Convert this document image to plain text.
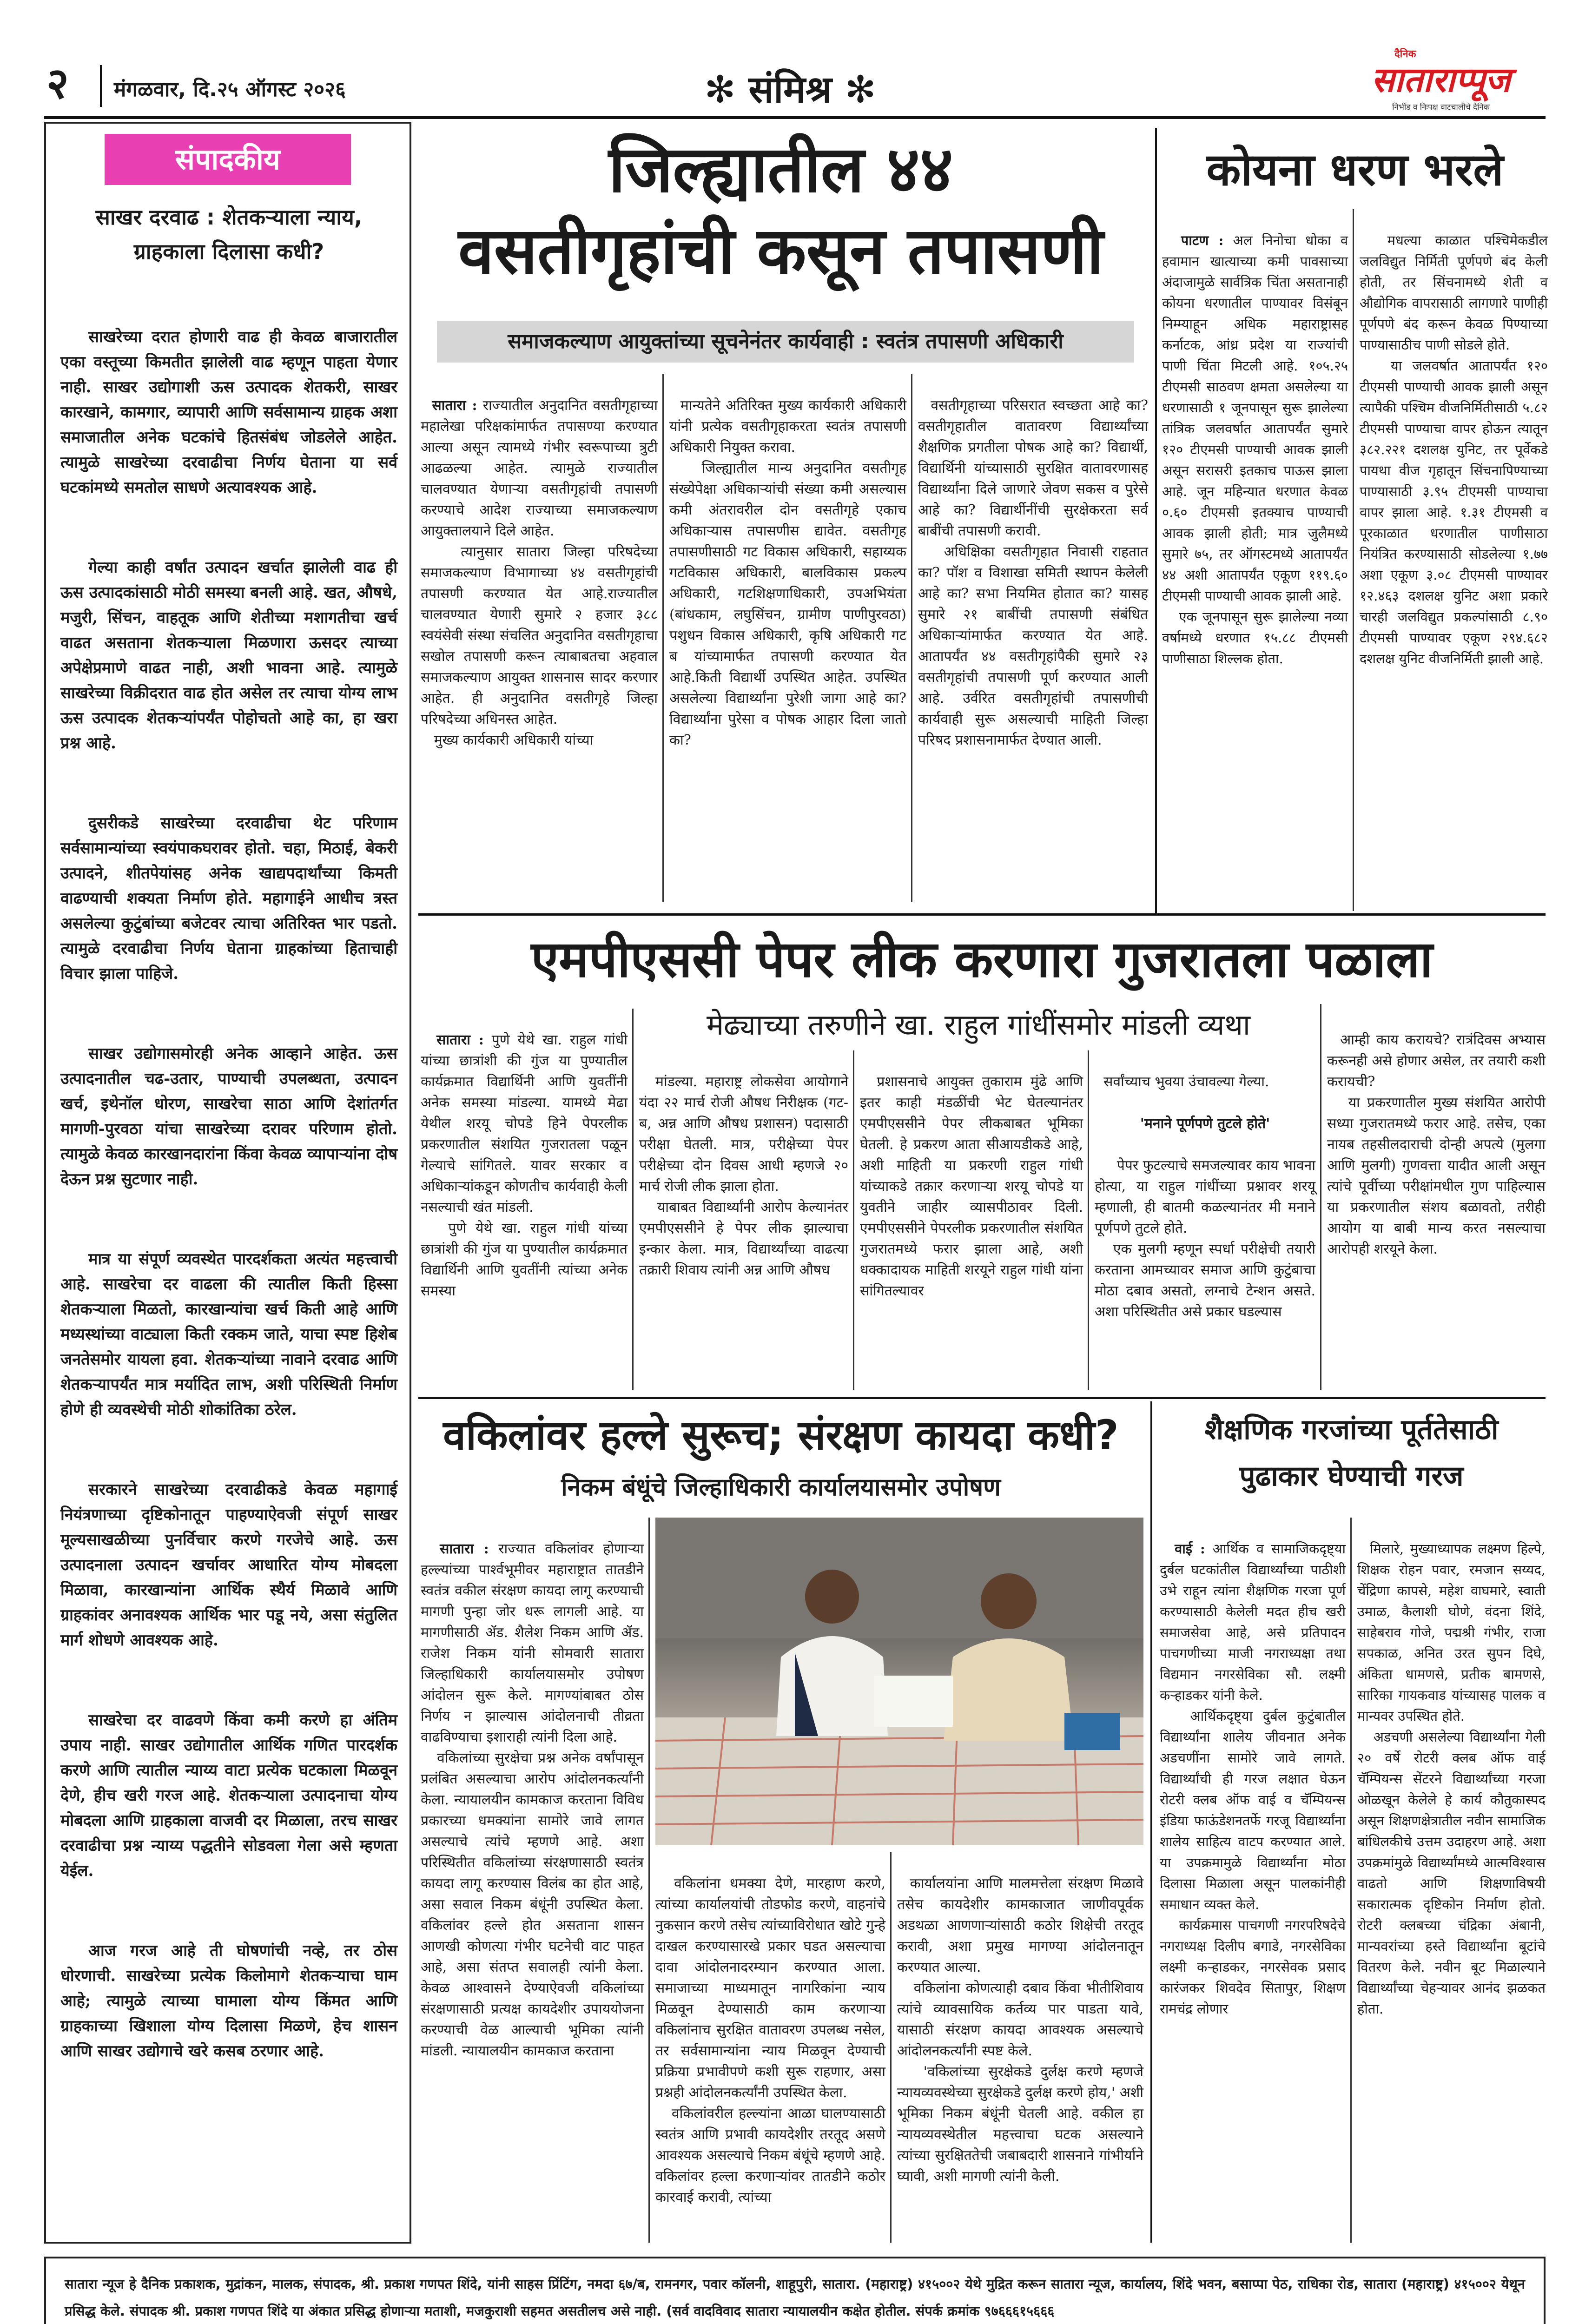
२ मंगळवार, दि.२५ ऑगस्ट २०२६	✻ संमिश्र ✻
दैनिक
साताराप्पूज
निर्भीड व निःपक्ष वाटचालीचे दैनिक
संपादकीय
साखर दरवाढ : शेतकऱ्याला न्याय, ग्राहकाला दिलासा कधी?

साखरेच्या दरात होणारी वाढ ही केवळ बाजारातील एका वस्तूच्या किमतीत झालेली वाढ म्हणून पाहता येणार नाही. साखर उद्योगाशी ऊस उत्पादक शेतकरी, साखर कारखाने, कामगार, व्यापारी आणि सर्वसामान्य ग्राहक अशा समाजातील अनेक घटकांचे हितसंबंध जोडलेले आहेत. त्यामुळे साखरेच्या दरवाढीचा निर्णय घेताना या सर्व घटकांमध्ये समतोल साधणे अत्यावश्यक आहे.

गेल्या काही वर्षांत उत्पादन खर्चात झालेली वाढ ही ऊस उत्पादकांसाठी मोठी समस्या बनली आहे. खत, औषधे, मजुरी, सिंचन, वाहतूक आणि शेतीच्या मशागतीचा खर्च वाढत असताना शेतकऱ्याला मिळणारा ऊसदर त्याच्या अपेक्षेप्रमाणे वाढत नाही, अशी भावना आहे. त्यामुळे साखरेच्या विक्रीदरात वाढ होत असेल तर त्याचा योग्य लाभ ऊस उत्पादक शेतकऱ्यांपर्यंत पोहोचतो आहे का, हा खरा प्रश्न आहे.

दुसरीकडे साखरेच्या दरवाढीचा थेट परिणाम सर्वसामान्यांच्या स्वयंपाकघरावर होतो. चहा, मिठाई, बेकरी उत्पादने, शीतपेयांसह अनेक खाद्यपदार्थांच्या किमती वाढण्याची शक्यता निर्माण होते. महागाईने आधीच त्रस्त असलेल्या कुटुंबांच्या बजेटवर त्याचा अतिरिक्त भार पडतो. त्यामुळे दरवाढीचा निर्णय घेताना ग्राहकांच्या हिताचाही विचार झाला पाहिजे.

साखर उद्योगासमोरही अनेक आव्हाने आहेत. ऊस उत्पादनातील चढ-उतार, पाण्याची उपलब्धता, उत्पादन खर्च, इथेनॉल धोरण, साखरेचा साठा आणि देशांतर्गत मागणी-पुरवठा यांचा साखरेच्या दरावर परिणाम होतो. त्यामुळे केवळ कारखानदारांना किंवा केवळ व्यापाऱ्यांना दोष देऊन प्रश्न सुटणार नाही.

मात्र या संपूर्ण व्यवस्थेत पारदर्शकता अत्यंत महत्त्वाची आहे. साखरेचा दर वाढला की त्यातील किती हिस्सा शेतकऱ्याला मिळतो, कारखान्यांचा खर्च किती आहे आणि मध्यस्थांच्या वाट्याला किती रक्कम जाते, याचा स्पष्ट हिशेब जनतेसमोर यायला हवा. शेतकऱ्यांच्या नावाने दरवाढ आणि शेतकऱ्यापर्यंत मात्र मर्यादित लाभ, अशी परिस्थिती निर्माण होणे ही व्यवस्थेची मोठी शोकांतिका ठरेल.

सरकारने साखरेच्या दरवाढीकडे केवळ महागाई नियंत्रणाच्या दृष्टिकोनातून पाहण्याऐवजी संपूर्ण साखर मूल्यसाखळीच्या पुनर्विचार करणे गरजेचे आहे. ऊस उत्पादनाला उत्पादन खर्चावर आधारित योग्य मोबदला मिळावा, कारखान्यांना आर्थिक स्थैर्य मिळावे आणि ग्राहकांवर अनावश्यक आर्थिक भार पडू नये, असा संतुलित मार्ग शोधणे आवश्यक आहे.

साखरेचा दर वाढवणे किंवा कमी करणे हा अंतिम उपाय नाही. साखर उद्योगातील आर्थिक गणित पारदर्शक करणे आणि त्यातील न्याय्य वाटा प्रत्येक घटकाला मिळवून देणे, हीच खरी गरज आहे. शेतकऱ्याला उत्पादनाचा योग्य मोबदला आणि ग्राहकाला वाजवी दर मिळाला, तरच साखर दरवाढीचा प्रश्न न्याय्य पद्धतीने सोडवला गेला असे म्हणता येईल.

आज गरज आहे ती घोषणांची नव्हे, तर ठोस धोरणाची. साखरेच्या प्रत्येक किलोमागे शेतकऱ्याचा घाम आहे; त्यामुळे त्याच्या घामाला योग्य किंमत आणि ग्राहकाच्या खिशाला योग्य दिलासा मिळणे, हेच शासन आणि साखर उद्योगाचे खरे कसब ठरणार आहे.

जिल्ह्यातील ४४
वसतीगृहांची कसून तपासणी
समाजकल्याण आयुक्तांच्या सूचनेनंतर कार्यवाही : स्वतंत्र तपासणी अधिकारी

सातारा : राज्यातील अनुदानित वसतीगृहाच्या महालेखा परिक्षकांमार्फत तपासण्या करण्यात आल्या असून त्यामध्ये गंभीर स्वरूपाच्या त्रुटी आढळल्या आहेत. त्यामुळे राज्यातील चालवण्यात येणाऱ्या वसतीगृहांची तपासणी करण्याचे आदेश राज्याच्या समाजकल्याण आयुक्तालयाने दिले आहेत.
त्यानुसार सातारा जिल्हा परिषदेच्या समाजकल्याण विभागाच्या ४४ वसतीगृहांची तपासणी करण्यात येत आहे.राज्यातील चालवण्यात येणारी सुमारे २ हजार ३८८ स्वयंसेवी संस्था संचलित अनुदानित वसतीगृहाचा सखोल तपासणी करून त्याबाबतचा अहवाल समाजकल्याण आयुक्त शासनास सादर करणार आहेत. ही अनुदानित वसतीगृहे जिल्हा परिषदेच्या अधिनस्त आहेत.
मुख्य कार्यकारी अधिकारी यांच्या

मान्यतेने अतिरिक्त मुख्य कार्यकारी अधिकारी यांनी प्रत्येक वसतीगृहाकरता स्वतंत्र तपासणी अधिकारी नियुक्त करावा.
जिल्ह्यातील मान्य अनुदानित वसतीगृह संख्येपेक्षा अधिकाऱ्यांची संख्या कमी असल्यास कमी अंतरावरील दोन वसतीगृहे एकाच अधिकाऱ्यास तपासणीस द्यावेत. वसतीगृह तपासणीसाठी गट विकास अधिकारी, सहाय्यक गटविकास अधिकारी, बालविकास प्रकल्प अधिकारी, गटशिक्षणाधिकारी, उपअभियंता (बांधकाम, लघुसिंचन, ग्रामीण पाणीपुरवठा) पशुधन विकास अधिकारी, कृषि अधिकारी गट ब यांच्यामार्फत तपासणी करण्यात येत आहे.किती विद्यार्थी उपस्थित आहेत. उपस्थित असलेल्या विद्यार्थ्यांना पुरेशी जागा आहे का? विद्यार्थ्यांना पुरेसा व पोषक आहार दिला जातो का?

वसतीगृहाच्या परिसरात स्वच्छता आहे का? वसतीगृहातील वातावरण विद्यार्थ्यांच्या शैक्षणिक प्रगतीला पोषक आहे का? विद्यार्थी, विद्यार्थिनी यांच्यासाठी सुरक्षित वातावरणासह विद्यार्थ्यांना दिले जाणारे जेवण सकस व पुरेसे आहे का? विद्यार्थीनींची सुरक्षेकरता सर्व बाबींची तपासणी करावी.
अधिक्षिका वसतीगृहात निवासी राहतात का? पॉश व विशाखा समिती स्थापन केलेली आहे का? सभा नियमित होतात का? यासह सुमारे २१ बाबींची तपासणी संबंधित अधिकाऱ्यांमार्फत करण्यात येत आहे. आतापर्यंत ४४ वसतीगृहांपैकी सुमारे २३ वसतीगृहांची तपासणी पूर्ण करण्यात आली आहे. उर्वरित वसतीगृहांची तपासणीची कार्यवाही सुरू असल्याची माहिती जिल्हा परिषद प्रशासनामार्फत देण्यात आली.

कोयना धरण भरले

पाटण : अल निनोचा धोका व हवामान खात्याच्या कमी पावसाच्या अंदाजामुळे सार्वत्रिक चिंता असतानाही कोयना धरणातील पाण्यावर विसंबून निम्म्याहून अधिक महाराष्ट्रासह कर्नाटक, आंध्र प्रदेश या राज्यांची पाणी चिंता मिटली आहे. १०५.२५ टीएमसी साठवण क्षमता असलेल्या या धरणासाठी १ जूनपासून सुरू झालेल्या तांत्रिक जलवर्षात आतापर्यंत सुमारे १२० टीएमसी पाण्याची आवक झाली असून सरासरी इतकाच पाऊस झाला आहे. जून महिन्यात धरणात केवळ ०.६० टीएमसी इतक्याच पाण्याची आवक झाली होती; मात्र जुलैमध्ये सुमारे ७५, तर ऑगस्टमध्ये आतापर्यंत ४४ अशी आतापर्यंत एकूण ११९.६० टीएमसी पाण्याची आवक झाली आहे.
एक जूनपासून सुरू झालेल्या नव्या वर्षामध्ये धरणात १५.८८ टीएमसी पाणीसाठा शिल्लक होता.

मधल्या काळात पश्चिमेकडील जलविद्युत निर्मिती पूर्णपणे बंद केली होती, तर सिंचनामध्ये शेती व औद्योगिक वापरासाठी लागणारे पाणीही पूर्णपणे बंद करून केवळ पिण्याच्या पाण्यासाठीच पाणी सोडले होते.
या जलवर्षात आतापर्यंत १२० टीएमसी पाण्याची आवक झाली असून त्यापैकी पश्चिम वीजनिर्मितीसाठी ५.८२ टीएमसी पाण्याचा वापर होऊन त्यातून ३८२.२२१ दशलक्ष युनिट, तर पूर्वेकडे पायथा वीज गृहातून सिंचनापिण्याच्या पाण्यासाठी ३.९५ टीएमसी पाण्याचा वापर झाला आहे. १.३१ टीएमसी व पूरकाळात धरणातील पाणीसाठा नियंत्रित करण्यासाठी सोडलेल्या १.७७ अशा एकूण ३.०८ टीएमसी पाण्यावर १२.४६३ दशलक्ष युनिट अशा प्रकारे चारही जलविद्युत प्रकल्पांसाठी ८.९० टीएमसी पाण्यावर एकूण २९४.६८२ दशलक्ष युनिट वीजनिर्मिती झाली आहे.

एमपीएससी पेपर लीक करणारा गुजरातला पळाला

सातारा : पुणे येथे खा. राहुल गांधी यांच्या छात्रांशी की गुंज या पुण्यातील कार्यक्रमात विद्यार्थिनी आणि युवतींनी अनेक समस्या मांडल्या. यामध्ये मेढा येथील शरयू चोपडे हिने पेपरलीक प्रकरणातील संशयित गुजरातला पळून गेल्याचे सांगितले. यावर सरकार व अधिकाऱ्यांकडून कोणतीच कार्यवाही केली नसल्याची खंत मांडली.
पुणे येथे खा. राहुल गांधी यांच्या छात्रांशी की गुंज या पुण्यातील कार्यक्रमात विद्यार्थिनी आणि युवतींनी त्यांच्या अनेक समस्या

मेढ्याच्या तरुणीने खा. राहुल गांधींसमोर मांडली व्यथा

मांडल्या. महाराष्ट्र लोकसेवा आयोगाने यंदा २२ मार्च रोजी औषध निरीक्षक (गट-ब, अन्न आणि औषध प्रशासन) पदासाठी परीक्षा घेतली. मात्र, परीक्षेच्या पेपर परीक्षेच्या दोन दिवस आधी म्हणजे २० मार्च रोजी लीक झाला होता.
याबाबत विद्यार्थ्यांनी आरोप केल्यानंतर एमपीएससीने हे पेपर लीक झाल्याचा इन्कार केला. मात्र, विद्यार्थ्यांच्या वाढत्या तक्रारी शिवाय त्यांनी अन्न आणि औषध

प्रशासनाचे आयुक्त तुकाराम मुंढे आणि इतर काही मंडळींची भेट घेतल्यानंतर एमपीएससीने पेपर लीकबाबत भूमिका घेतली. हे प्रकरण आता सीआयडीकडे आहे, अशी माहिती या प्रकरणी राहुल गांधी यांच्याकडे तक्रार करणाऱ्या शरयू चोपडे या युवतीने जाहीर व्यासपीठावर दिली. एमपीएससीने पेपरलीक प्रकरणातील संशयित गुजरातमध्ये फरार झाला आहे, अशी धक्कादायक माहिती शरयूने राहुल गांधी यांना सांगितल्यावर

सर्वांच्याच भुवया उंचावल्या गेल्या.

'मनाने पूर्णपणे तुटले होते'

पेपर फुटल्याचे समजल्यावर काय भावना होत्या, या राहुल गांधींच्या प्रश्नावर शरयू म्हणाली, ही बातमी कळल्यानंतर मी मनाने पूर्णपणे तुटले होते.
एक मुलगी म्हणून स्पर्धा परीक्षेची तयारी करताना आमच्यावर समाज आणि कुटुंबाचा मोठा दबाव असतो, लग्नाचे टेन्शन असते. अशा परिस्थितीत असे प्रकार घडल्यास

आम्ही काय करायचे? रात्रंदिवस अभ्यास करूनही असे होणार असेल, तर तयारी कशी करायची?
या प्रकरणातील मुख्य संशयित आरोपी सध्या गुजरातमध्ये फरार आहे. तसेच, एका नायब तहसीलदाराची दोन्ही अपत्ये (मुलगा आणि मुलगी) गुणवत्ता यादीत आली असून त्यांचे पूर्वीच्या परीक्षांमधील गुण पाहिल्यास या प्रकरणातील संशय बळावतो, तरीही आयोग या बाबी मान्य करत नसल्याचा आरोपही शरयूने केला.

वकिलांवर हल्ले सुरूच; संरक्षण कायदा कधी?
निकम बंधूंचे जिल्हाधिकारी कार्यालयासमोर उपोषण

सातारा : राज्यात वकिलांवर होणाऱ्या हल्ल्यांच्या पार्श्वभूमीवर महाराष्ट्रात तातडीने स्वतंत्र वकील संरक्षण कायदा लागू करण्याची मागणी पुन्हा जोर धरू लागली आहे. या मागणीसाठी ॲड. शैलेश निकम आणि ॲड. राजेश निकम यांनी सोमवारी सातारा जिल्हाधिकारी कार्यालयासमोर उपोषण आंदोलन सुरू केले. मागण्यांबाबत ठोस निर्णय न झाल्यास आंदोलनाची तीव्रता वाढविण्याचा इशाराही त्यांनी दिला आहे.
वकिलांच्या सुरक्षेचा प्रश्न अनेक वर्षांपासून प्रलंबित असल्याचा आरोप आंदोलनकर्त्यांनी केला. न्यायालयीन कामकाज करताना विविध प्रकारच्या धमक्यांना सामोरे जावे लागत असल्याचे त्यांचे म्हणणे आहे. अशा परिस्थितीत वकिलांच्या संरक्षणासाठी स्वतंत्र कायदा लागू करण्यास विलंब का होत आहे, असा सवाल निकम बंधूंनी उपस्थित केला. वकिलांवर हल्ले होत असताना शासन आणखी कोणत्या गंभीर घटनेची वाट पाहत आहे, असा संतप्त सवालही त्यांनी केला. केवळ आश्वासने देण्याऐवजी वकिलांच्या संरक्षणासाठी प्रत्यक्ष कायदेशीर उपाययोजना करण्याची वेळ आल्याची भूमिका त्यांनी मांडली. न्यायालयीन कामकाज करताना

वकिलांना धमक्या देणे, मारहाण करणे, त्यांच्या कार्यालयांची तोडफोड करणे, वाहनांचे नुकसान करणे तसेच त्यांच्याविरोधात खोटे गुन्हे दाखल करण्यासारखे प्रकार घडत असल्याचा दावा आंदोलनादरम्यान करण्यात आला. समाजाच्या माध्यमातून नागरिकांना न्याय मिळवून देण्यासाठी काम करणाऱ्या वकिलांनाच सुरक्षित वातावरण उपलब्ध नसेल, तर सर्वसामान्यांना न्याय मिळवून देण्याची प्रक्रिया प्रभावीपणे कशी सुरू राहणार, असा प्रश्नही आंदोलनकर्त्यांनी उपस्थित केला.
वकिलांवरील हल्ल्यांना आळा घालण्यासाठी स्वतंत्र आणि प्रभावी कायदेशीर तरतूद असणे आवश्यक असल्याचे निकम बंधूंचे म्हणणे आहे. वकिलांवर हल्ला करणाऱ्यांवर तातडीने कठोर कारवाई करावी, त्यांच्या

कार्यालयांना आणि मालमत्तेला संरक्षण मिळावे तसेच कायदेशीर कामकाजात जाणीवपूर्वक अडथळा आणणाऱ्यांसाठी कठोर शिक्षेची तरतूद करावी, अशा प्रमुख मागण्या आंदोलनातून करण्यात आल्या.
वकिलांना कोणत्याही दबाव किंवा भीतीशिवाय त्यांचे व्यावसायिक कर्तव्य पार पाडता यावे, यासाठी संरक्षण कायदा आवश्यक असल्याचे आंदोलनकर्त्यांनी स्पष्ट केले.
'वकिलांच्या सुरक्षेकडे दुर्लक्ष करणे म्हणजे न्यायव्यवस्थेच्या सुरक्षेकडे दुर्लक्ष करणे होय,' अशी भूमिका निकम बंधूंनी घेतली आहे. वकील हा न्यायव्यवस्थेतील महत्त्वाचा घटक असल्याने त्यांच्या सुरक्षिततेची जबाबदारी शासनाने गांभीर्याने घ्यावी, अशी मागणी त्यांनी केली.

शैक्षणिक गरजांच्या पूर्ततेसाठी
पुढाकार घेण्याची गरज

वाई : आर्थिक व सामाजिकदृष्ट्या दुर्बल घटकांतील विद्यार्थ्यांच्या पाठीशी उभे राहून त्यांना शैक्षणिक गरजा पूर्ण करण्यासाठी केलेली मदत हीच खरी समाजसेवा आहे, असे प्रतिपादन पाचगणीच्या माजी नगराध्यक्षा तथा विद्यमान नगरसेविका सौ. लक्ष्मी कऱ्हाडकर यांनी केले.
आर्थिकदृष्ट्या दुर्बल कुटुंबातील विद्यार्थ्यांना शालेय जीवनात अनेक अडचणींना सामोरे जावे लागते. विद्यार्थ्यांची ही गरज लक्षात घेऊन रोटरी क्लब ऑफ वाई व चॅम्पियन्स इंडिया फाऊंडेशनतर्फे गरजू विद्यार्थ्यांना शालेय साहित्य वाटप करण्यात आले. या उपक्रमामुळे विद्यार्थ्यांना मोठा दिलासा मिळाला असून पालकांनीही समाधान व्यक्त केले.
कार्यक्रमास पाचगणी नगरपरिषदेचे नगराध्यक्ष दिलीप बगाडे, नगरसेविका लक्ष्मी कऱ्हाडकर, नगरसेवक प्रसाद कारंजकर शिवदेव सितापुर, शिक्षण रामचंद्र लोणार

मिलारे, मुख्याध्यापक लक्ष्मण हिल्पे, शिक्षक रोहन पवार, रमजान सय्यद, चेंद्रिणा कापसे, महेश वाघमारे, स्वाती उमाळ, कैलाशी घोणे, वंदना शिंदे, साहेबराव गोजे, पद्मश्री गंभीर, राजा सपकाळ, अनित उरत सुपन दिघे, अंकिता धामणसे, प्रतीक बामणसे, सारिका गायकवाड यांच्यासह पालक व मान्यवर उपस्थित होते.
अडचणी असलेल्या विद्यार्थ्यांना गेली २० वर्षे रोटरी क्लब ऑफ वाई चॅम्पियन्स सेंटरने विद्यार्थ्यांच्या गरजा ओळखून केलेले हे कार्य कौतुकास्पद असून शिक्षणक्षेत्रातील नवीन सामाजिक बांधिलकीचे उत्तम उदाहरण आहे. अशा उपक्रमांमुळे विद्यार्थ्यांमध्ये आत्मविश्वास वाढतो आणि शिक्षणाविषयी सकारात्मक दृष्टिकोन निर्माण होतो. रोटरी क्लबच्या चंद्रिका अंबानी, मान्यवरांच्या हस्ते विद्यार्थ्यांना बूटांचे वितरण केले. नवीन बूट मिळाल्याने विद्यार्थ्यांच्या चेहऱ्यावर आनंद झळकत होता.

सातारा न्यूज हे दैनिक प्रकाशक, मुद्रांकन, मालक, संपादक, श्री. प्रकाश गणपत शिंदे, यांनी साहस प्रिंटिंग, नमदा ६७/ब, रामनगर, पवार कॉलनी, शाहूपुरी, सातारा. (महाराष्ट्र) ४१५००२ येथे मुद्रित करून सातारा न्यूज, कार्यालय, शिंदे भवन, बसाप्पा पेठ, राधिका रोड, सातारा (महाराष्ट्र) ४१५००२ येथून प्रसिद्ध केले. संपादक श्री. प्रकाश गणपत शिंदे या अंकात प्रसिद्ध होणाऱ्या मताशी, मजकुराशी सहमत असतीलच असे नाही. (सर्व वादविवाद सातारा न्यायालयीन कक्षेत होतील. संपर्क क्रमांक ९७६६६१५६६६
